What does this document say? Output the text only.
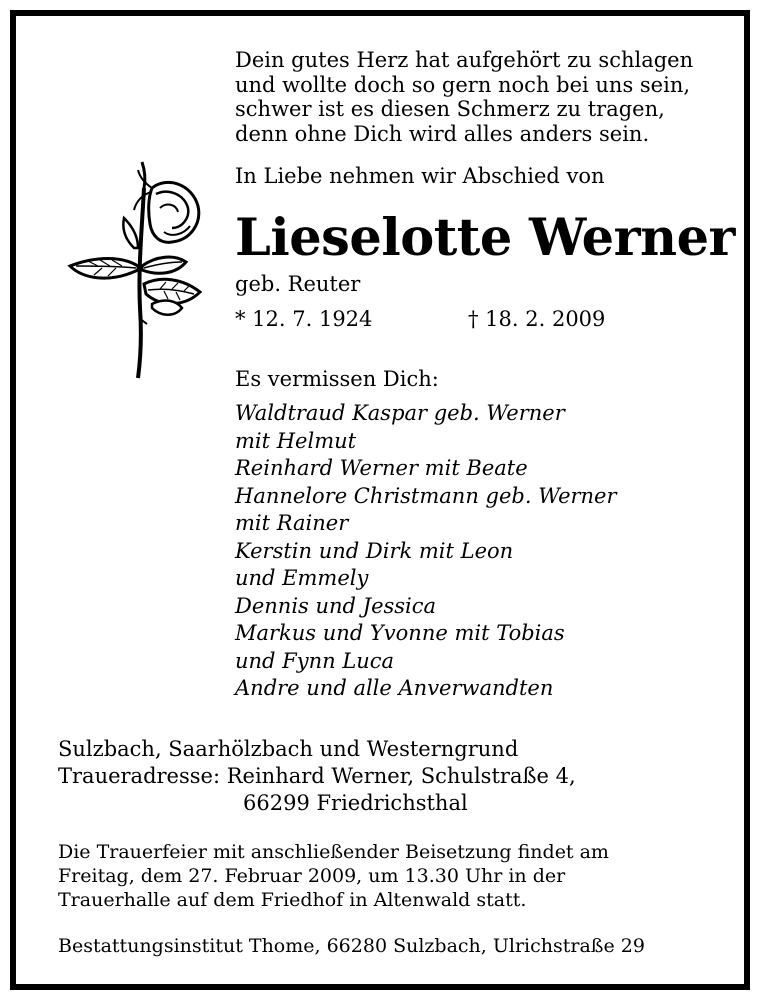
Dein gutes Herz hat aufgehört zu schlagen
und wollte doch so gern noch bei uns sein,
schwer ist es diesen Schmerz zu tragen,
denn ohne Dich wird alles anders sein.
In Liebe nehmen wir Abschied von
Lieselotte Werner
geb. Reuter
* 12. 7. 1924	† 18. 2. 2009
Es vermissen Dich:
Waldtraud Kaspar geb. Werner
mit Helmut
Reinhard Werner mit Beate
Hannelore Christmann geb. Werner
mit Rainer
Kerstin und Dirk mit Leon
und Emmely
Dennis und Jessica
Markus und Yvonne mit Tobias
und Fynn Luca
Andre und alle Anverwandten
Sulzbach, Saarhölzbach und Westerngrund
Traueradresse: Reinhard Werner, Schulstraße 4,
66299 Friedrichsthal
Die Trauerfeier mit anschließender Beisetzung findet am
Freitag, dem 27. Februar 2009, um 13.30 Uhr in der
Trauerhalle auf dem Friedhof in Altenwald statt.
Bestattungsinstitut Thome, 66280 Sulzbach, Ulrichstraße 29
